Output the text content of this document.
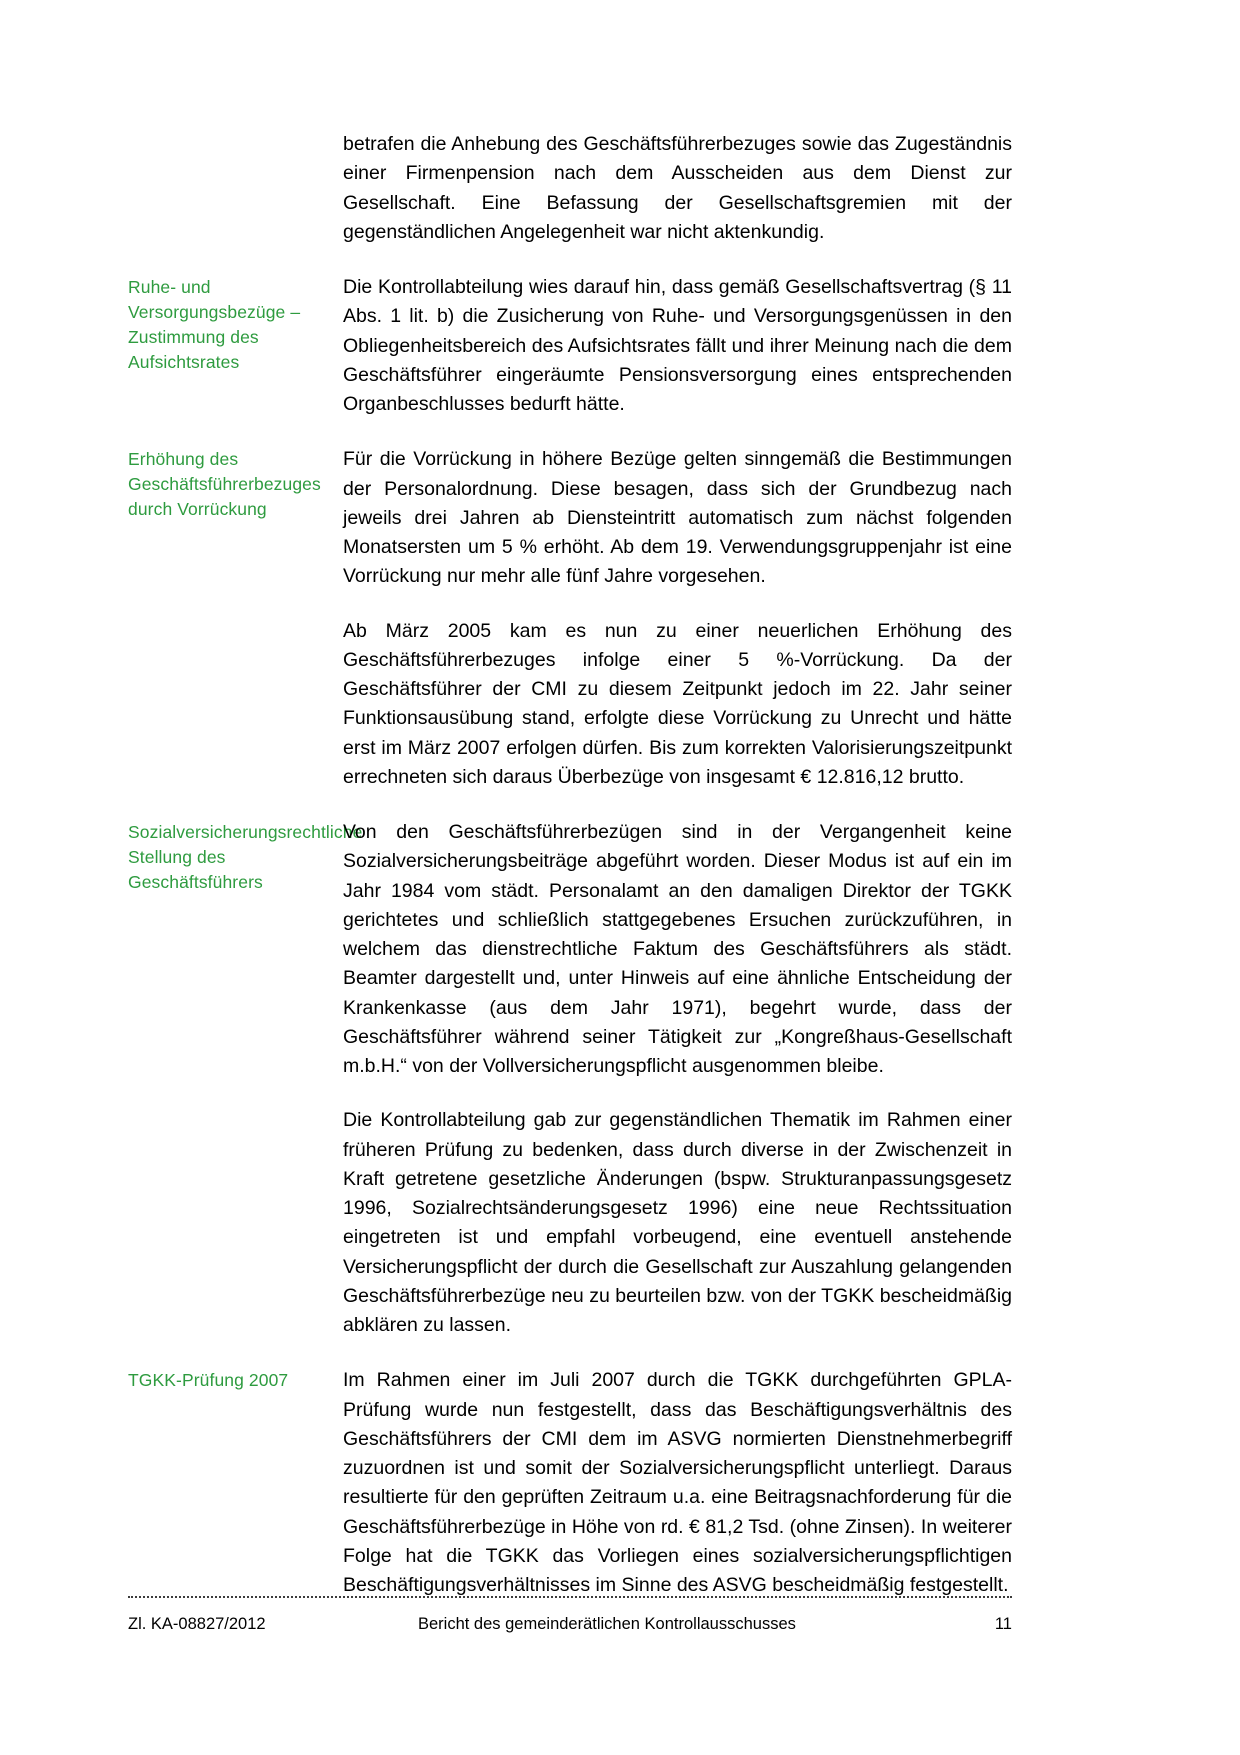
betrafen die Anhebung des Geschäftsführerbezuges sowie das Zugeständnis einer Firmenpension nach dem Ausscheiden aus dem Dienst zur Gesellschaft. Eine Befassung der Gesellschaftsgremien mit der gegenständlichen Angelegenheit war nicht aktenkundig.

Ruhe- und Versorgungsbezüge – Zustimmung des Aufsichtsrates

Die Kontrollabteilung wies darauf hin, dass gemäß Gesellschaftsvertrag (§ 11 Abs. 1 lit. b) die Zusicherung von Ruhe- und Versorgungsgenüssen in den Obliegenheitsbereich des Aufsichtsrates fällt und ihrer Meinung nach die dem Geschäftsführer eingeräumte Pensionsversorgung eines entsprechenden Organbeschlusses bedurft hätte.

Erhöhung des Geschäftsführerbezuges durch Vorrückung

Für die Vorrückung in höhere Bezüge gelten sinngemäß die Bestimmungen der Personalordnung. Diese besagen, dass sich der Grundbezug nach jeweils drei Jahren ab Diensteintritt automatisch zum nächst folgenden Monatsersten um 5 % erhöht. Ab dem 19. Verwendungsgruppenjahr ist eine Vorrückung nur mehr alle fünf Jahre vorgesehen.

Ab März 2005 kam es nun zu einer neuerlichen Erhöhung des Geschäftsführerbezuges infolge einer 5 %-Vorrückung. Da der Geschäftsführer der CMI zu diesem Zeitpunkt jedoch im 22. Jahr seiner Funktionsausübung stand, erfolgte diese Vorrückung zu Unrecht und hätte erst im März 2007 erfolgen dürfen. Bis zum korrekten Valorisierungszeitpunkt errechneten sich daraus Überbezüge von insgesamt € 12.816,12 brutto.

Sozialversicherungsrechtliche Stellung des Geschäftsführers

Von den Geschäftsführerbezügen sind in der Vergangenheit keine Sozialversicherungsbeiträge abgeführt worden. Dieser Modus ist auf ein im Jahr 1984 vom städt. Personalamt an den damaligen Direktor der TGKK gerichtetes und schließlich stattgegebenes Ersuchen zurückzuführen, in welchem das dienstrechtliche Faktum des Geschäftsführers als städt. Beamter dargestellt und, unter Hinweis auf eine ähnliche Entscheidung der Krankenkasse (aus dem Jahr 1971), begehrt wurde, dass der Geschäftsführer während seiner Tätigkeit zur „Kongreßhaus-Gesellschaft m.b.H.“ von der Vollversicherungspflicht ausgenommen bleibe.

Die Kontrollabteilung gab zur gegenständlichen Thematik im Rahmen einer früheren Prüfung zu bedenken, dass durch diverse in der Zwischenzeit in Kraft getretene gesetzliche Änderungen (bspw. Strukturanpassungsgesetz 1996, Sozialrechtsänderungsgesetz 1996) eine neue Rechtssituation eingetreten ist und empfahl vorbeugend, eine eventuell anstehende Versicherungspflicht der durch die Gesellschaft zur Auszahlung gelangenden Geschäftsführerbezüge neu zu beurteilen bzw. von der TGKK bescheidmäßig abklären zu lassen.

TGKK-Prüfung 2007	Im Rahmen einer im Juli 2007 durch die TGKK durchgeführten GPLA-Prüfung wurde nun festgestellt, dass das Beschäftigungsverhältnis des Geschäftsführers der CMI dem im ASVG normierten Dienstnehmerbegriff zuzuordnen ist und somit der Sozialversicherungspflicht unterliegt. Daraus resultierte für den geprüften Zeitraum u.a. eine Beitragsnachforderung für die Geschäftsführerbezüge in Höhe von rd. € 81,2 Tsd. (ohne Zinsen). In weiterer Folge hat die TGKK das Vorliegen eines sozialversicherungspflichtigen Beschäftigungsverhältnisses im Sinne des ASVG bescheidmäßig festgestellt.

Zl. KA-08827/2012	Bericht des gemeinderätlichen Kontrollausschusses	11
